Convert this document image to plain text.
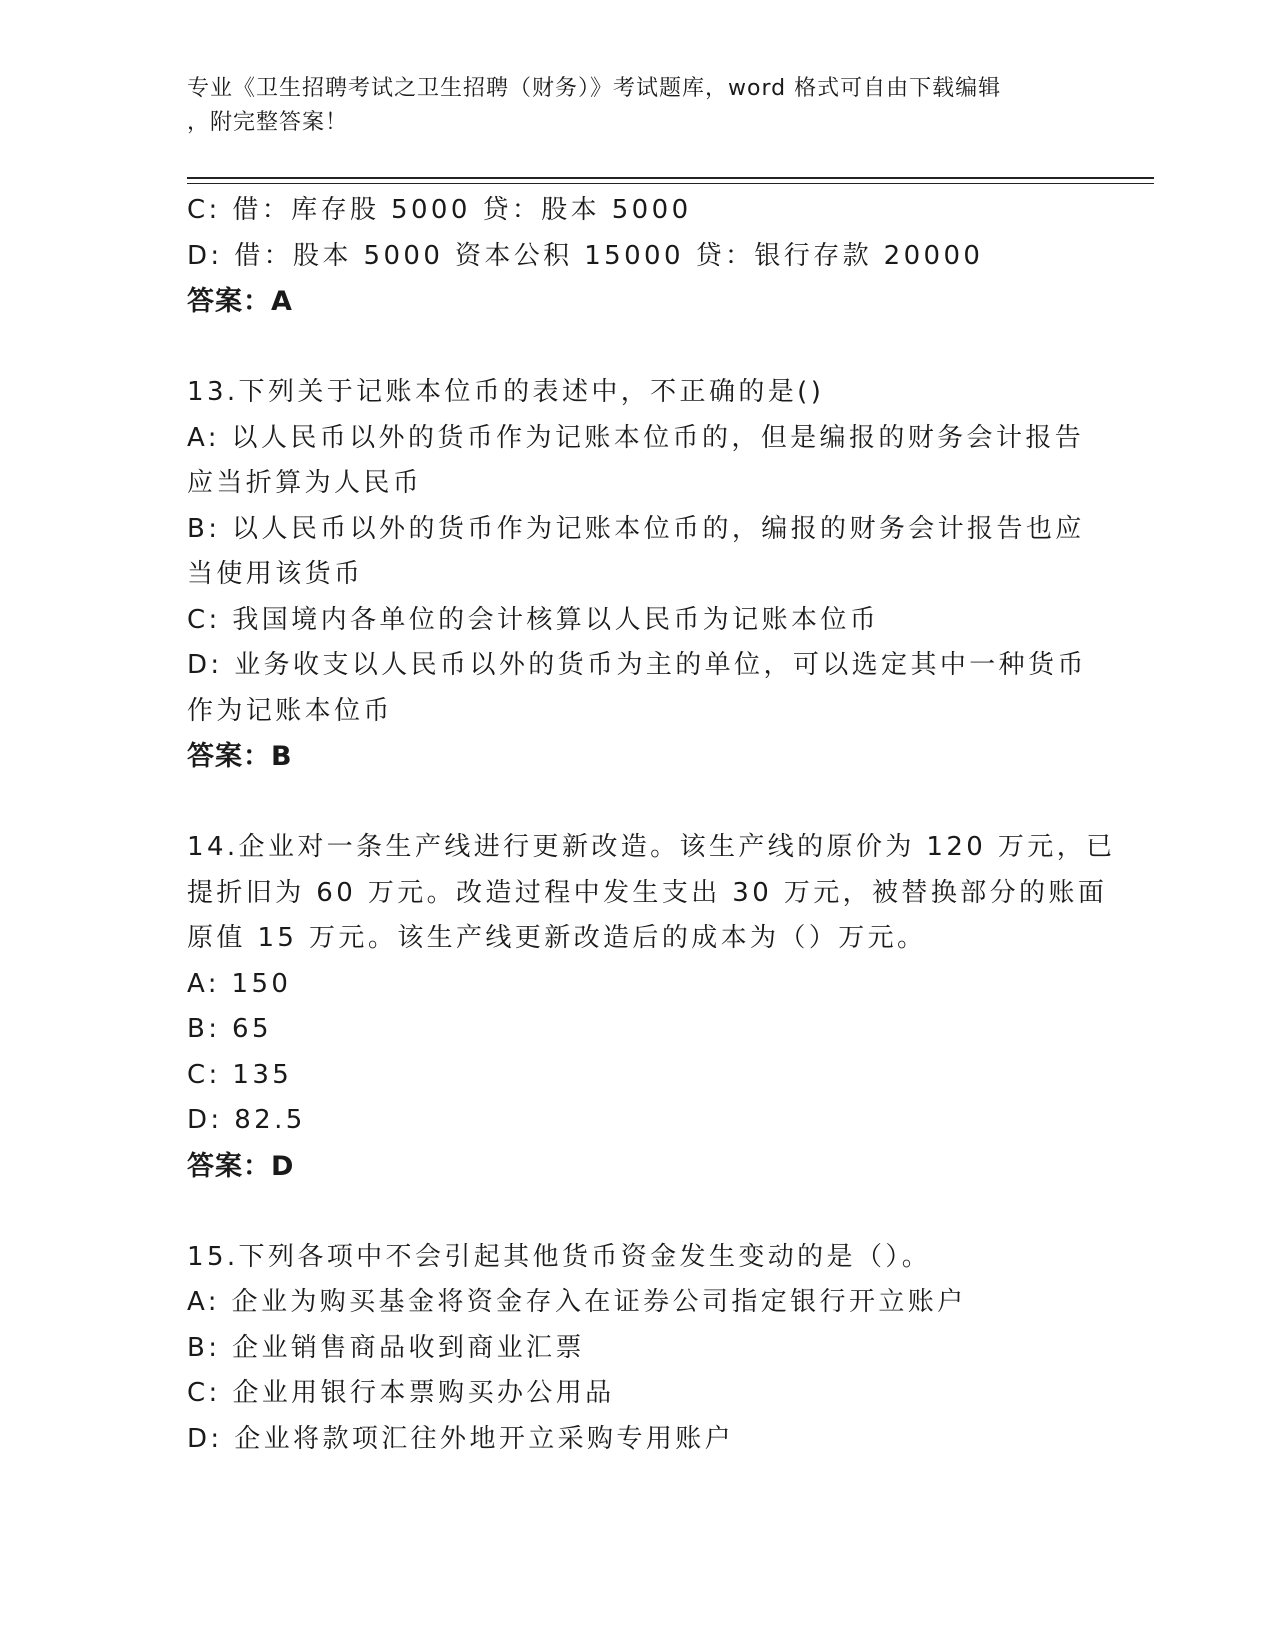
专业《卫生招聘考试之卫生招聘（财务）》考试题库，word 格式可自由下载编辑
，附完整答案！
C: 借：库存股 5000 贷：股本 5000
D: 借：股本 5000 资本公积 15000 贷：银行存款 20000
答案：A
13.下列关于记账本位币的表述中，不正确的是()
A: 以人民币以外的货币作为记账本位币的，但是编报的财务会计报告
应当折算为人民币
B: 以人民币以外的货币作为记账本位币的，编报的财务会计报告也应
当使用该货币
C: 我国境内各单位的会计核算以人民币为记账本位币
D: 业务收支以人民币以外的货币为主的单位，可以选定其中一种货币
作为记账本位币
答案：B
14.企业对一条生产线进行更新改造。该生产线的原价为 120 万元，已
提折旧为 60 万元。改造过程中发生支出 30 万元，被替换部分的账面
原值 15 万元。该生产线更新改造后的成本为（）万元。
A: 150
B: 65
C: 135
D: 82.5
答案：D
15.下列各项中不会引起其他货币资金发生变动的是（）。
A: 企业为购买基金将资金存入在证券公司指定银行开立账户
B: 企业销售商品收到商业汇票
C: 企业用银行本票购买办公用品
D: 企业将款项汇往外地开立采购专用账户
